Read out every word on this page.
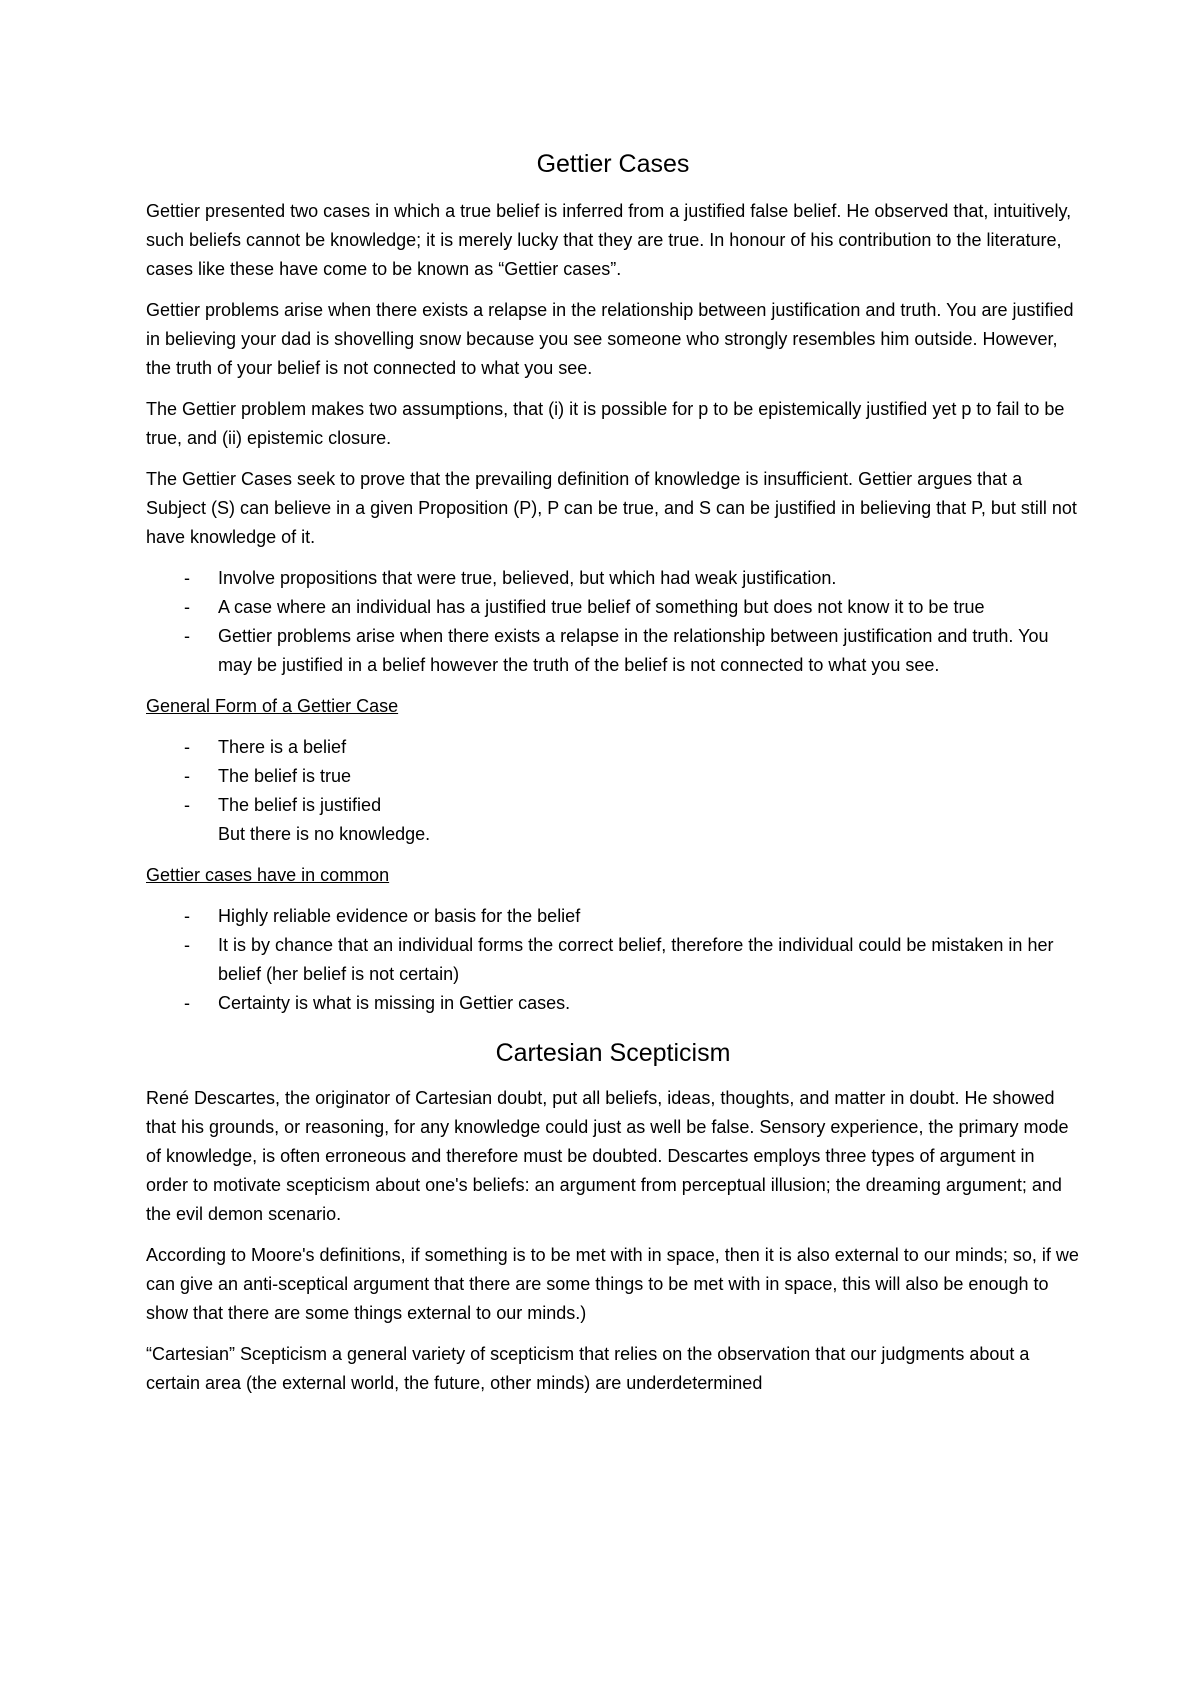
Gettier Cases

Gettier presented two cases in which a true belief is inferred from a justified false belief. He observed that, intuitively, such beliefs cannot be knowledge; it is merely lucky that they are true. In honour of his contribution to the literature, cases like these have come to be known as “Gettier cases”.

Gettier problems arise when there exists a relapse in the relationship between justification and truth. You are justified in believing your dad is shovelling snow because you see someone who strongly resembles him outside. However, the truth of your belief is not connected to what you see.

The Gettier problem makes two assumptions, that (i) it is possible for p to be epistemically justified yet p to fail to be true, and (ii) epistemic closure.

The Gettier Cases seek to prove that the prevailing definition of knowledge is insufficient. Gettier argues that a Subject (S) can believe in a given Proposition (P), P can be true, and S can be justified in believing that P, but still not have knowledge of it.

- Involve propositions that were true, believed, but which had weak justification.
- A case where an individual has a justified true belief of something but does not know it to be true
- Gettier problems arise when there exists a relapse in the relationship between justification and truth. You may be justified in a belief however the truth of the belief is not connected to what you see.
General Form of a Gettier Case
- There is a belief
- The belief is true
- The belief is justified
But there is no knowledge.
Gettier cases have in common
- Highly reliable evidence or basis for the belief
- It is by chance that an individual forms the correct belief, therefore the individual could be mistaken in her belief (her belief is not certain)
- Certainty is what is missing in Gettier cases.
Cartesian Scepticism

René Descartes, the originator of Cartesian doubt, put all beliefs, ideas, thoughts, and matter in doubt. He showed that his grounds, or reasoning, for any knowledge could just as well be false. Sensory experience, the primary mode of knowledge, is often erroneous and therefore must be doubted. Descartes employs three types of argument in order to motivate scepticism about one's beliefs: an argument from perceptual illusion; the dreaming argument; and the evil demon scenario.

According to Moore's definitions, if something is to be met with in space, then it is also external to our minds; so, if we can give an anti-sceptical argument that there are some things to be met with in space, this will also be enough to show that there are some things external to our minds.)

“Cartesian” Scepticism a general variety of scepticism that relies on the observation that our judgments about a certain area (the external world, the future, other minds) are underdetermined
